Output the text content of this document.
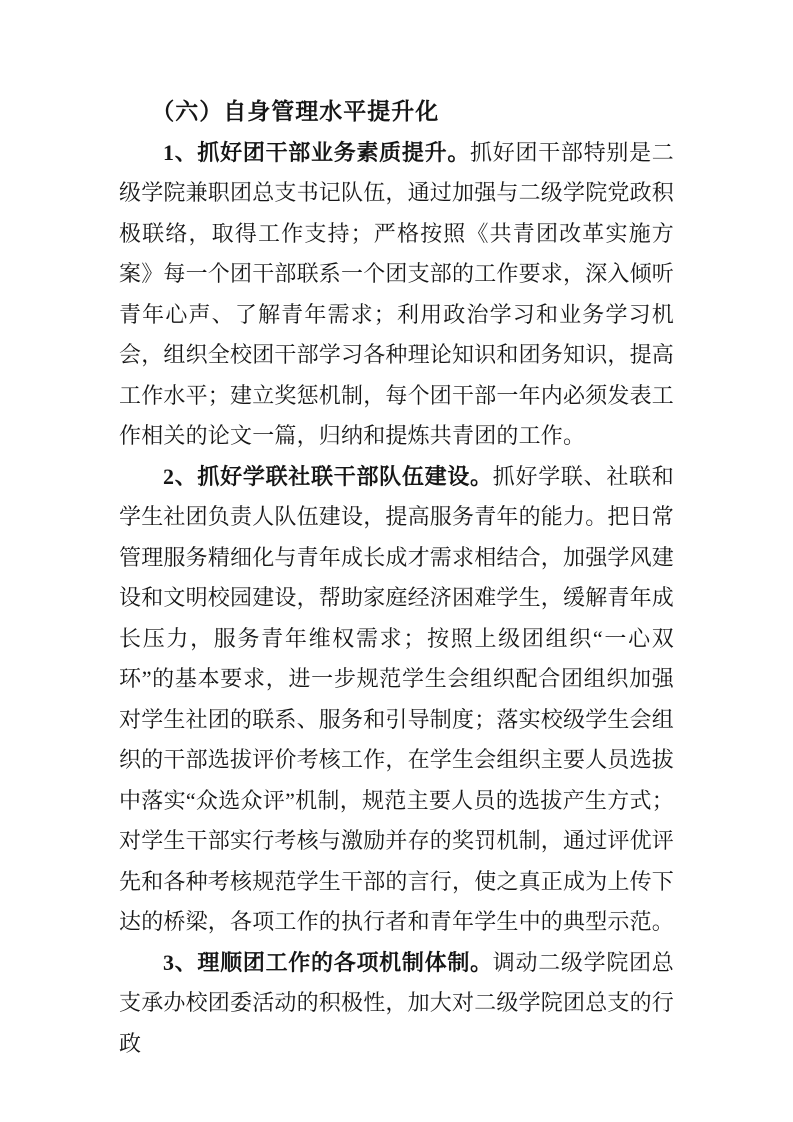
（六）自身管理水平提升化

1、抓好团干部业务素质提升。抓好团干部特别是二级学院兼职团总支书记队伍，通过加强与二级学院党政积极联络，取得工作支持；严格按照《共青团改革实施方案》每一个团干部联系一个团支部的工作要求，深入倾听青年心声、了解青年需求；利用政治学习和业务学习机会，组织全校团干部学习各种理论知识和团务知识，提高工作水平；建立奖惩机制，每个团干部一年内必须发表工作相关的论文一篇，归纳和提炼共青团的工作。

2、抓好学联社联干部队伍建设。抓好学联、社联和学生社团负责人队伍建设，提高服务青年的能力。把日常管理服务精细化与青年成长成才需求相结合，加强学风建设和文明校园建设，帮助家庭经济困难学生，缓解青年成长压力，服务青年维权需求；按照上级团组织“一心双环”的基本要求，进一步规范学生会组织配合团组织加强对学生社团的联系、服务和引导制度；落实校级学生会组织的干部选拔评价考核工作，在学生会组织主要人员选拔中落实“众选众评”机制，规范主要人员的选拔产生方式；对学生干部实行考核与激励并存的奖罚机制，通过评优评先和各种考核规范学生干部的言行，使之真正成为上传下达的桥梁，各项工作的执行者和青年学生中的典型示范。

3、理顺团工作的各项机制体制。调动二级学院团总支承办校团委活动的积极性，加大对二级学院团总支的行政
